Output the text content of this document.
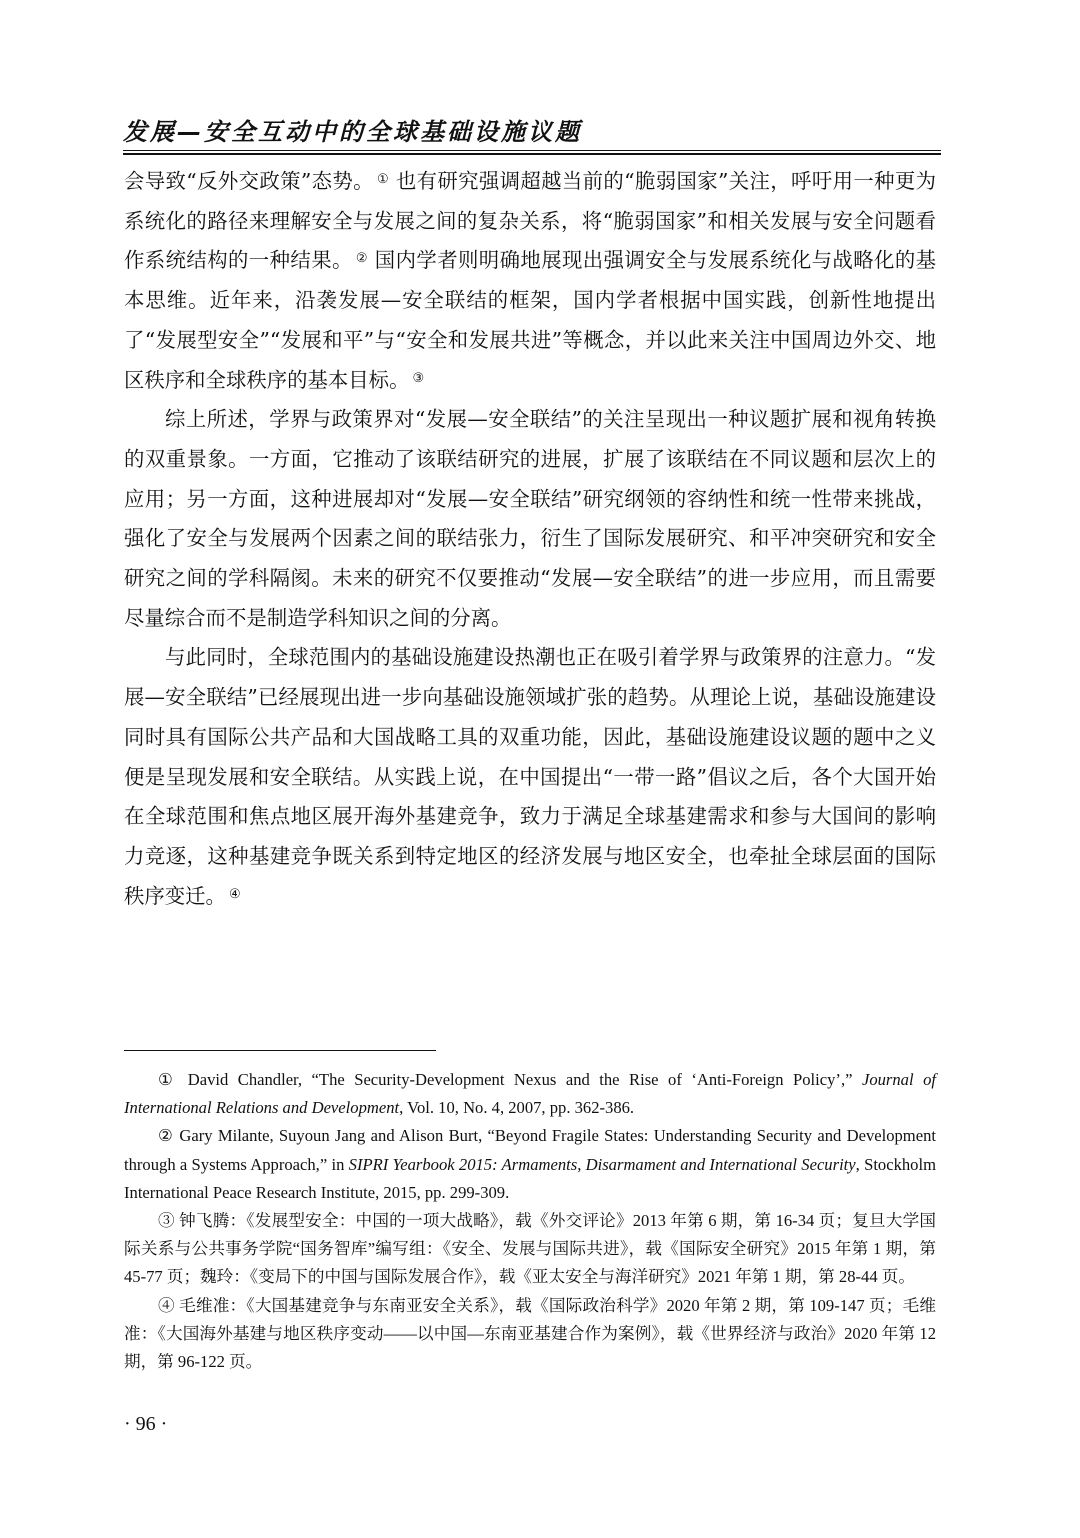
发展—安全互动中的全球基础设施议题

会导致“反外交政策”态势。 ① 也有研究强调超越当前的“脆弱国家”关注，呼吁用一种更为系统化的路径来理解安全与发展之间的复杂关系，将“脆弱国家”和相关发展与安全问题看作系统结构的一种结果。 ② 国内学者则明确地展现出强调安全与发展系统化与战略化的基本思维。近年来，沿袭发展—安全联结的框架，国内学者根据中国实践，创新性地提出了“发展型安全”“发展和平”与“安全和发展共进”等概念，并以此来关注中国周边外交、地区秩序和全球秩序的基本目标。 ③

综上所述，学界与政策界对“发展—安全联结”的关注呈现出一种议题扩展和视角转换的双重景象。一方面，它推动了该联结研究的进展，扩展了该联结在不同议题和层次上的应用；另一方面，这种进展却对“发展—安全联结”研究纲领的容纳性和统一性带来挑战，强化了安全与发展两个因素之间的联结张力，衍生了国际发展研究、和平冲突研究和安全研究之间的学科隔阂。未来的研究不仅要推动“发展—安全联结”的进一步应用，而且需要尽量综合而不是制造学科知识之间的分离。

与此同时，全球范围内的基础设施建设热潮也正在吸引着学界与政策界的注意力。“发展—安全联结”已经展现出进一步向基础设施领域扩张的趋势。从理论上说，基础设施建设同时具有国际公共产品和大国战略工具的双重功能，因此，基础设施建设议题的题中之义便是呈现发展和安全联结。从实践上说，在中国提出“一带一路”倡议之后，各个大国开始在全球范围和焦点地区展开海外基建竞争，致力于满足全球基建需求和参与大国间的影响力竞逐，这种基建竞争既关系到特定地区的经济发展与地区安全，也牵扯全球层面的国际秩序变迁。 ④

① David Chandler, “The Security-Development Nexus and the Rise of ‘Anti-Foreign Policy’,” Journal of International Relations and Development, Vol. 10, No. 4, 2007, pp. 362-386.

② Gary Milante, Suyoun Jang and Alison Burt, “Beyond Fragile States: Understanding Security and Development through a Systems Approach,” in SIPRI Yearbook 2015: Armaments, Disarmament and International Security, Stockholm International Peace Research Institute, 2015, pp. 299-309.

③ 钟飞腾：《发展型安全：中国的一项大战略》，载《外交评论》2013 年第 6 期，第 16-34 页；复旦大学国际关系与公共事务学院“国务智库”编写组：《安全、发展与国际共进》，载《国际安全研究》2015 年第 1 期，第 45-77 页；魏玲：《变局下的中国与国际发展合作》，载《亚太安全与海洋研究》2021 年第 1 期，第 28-44 页。

④ 毛维准：《大国基建竞争与东南亚安全关系》，载《国际政治科学》2020 年第 2 期，第 109-147 页；毛维准：《大国海外基建与地区秩序变动——以中国—东南亚基建合作为案例》，载《世界经济与政治》2020 年第 12 期，第 96-122 页。

· 96 ·
